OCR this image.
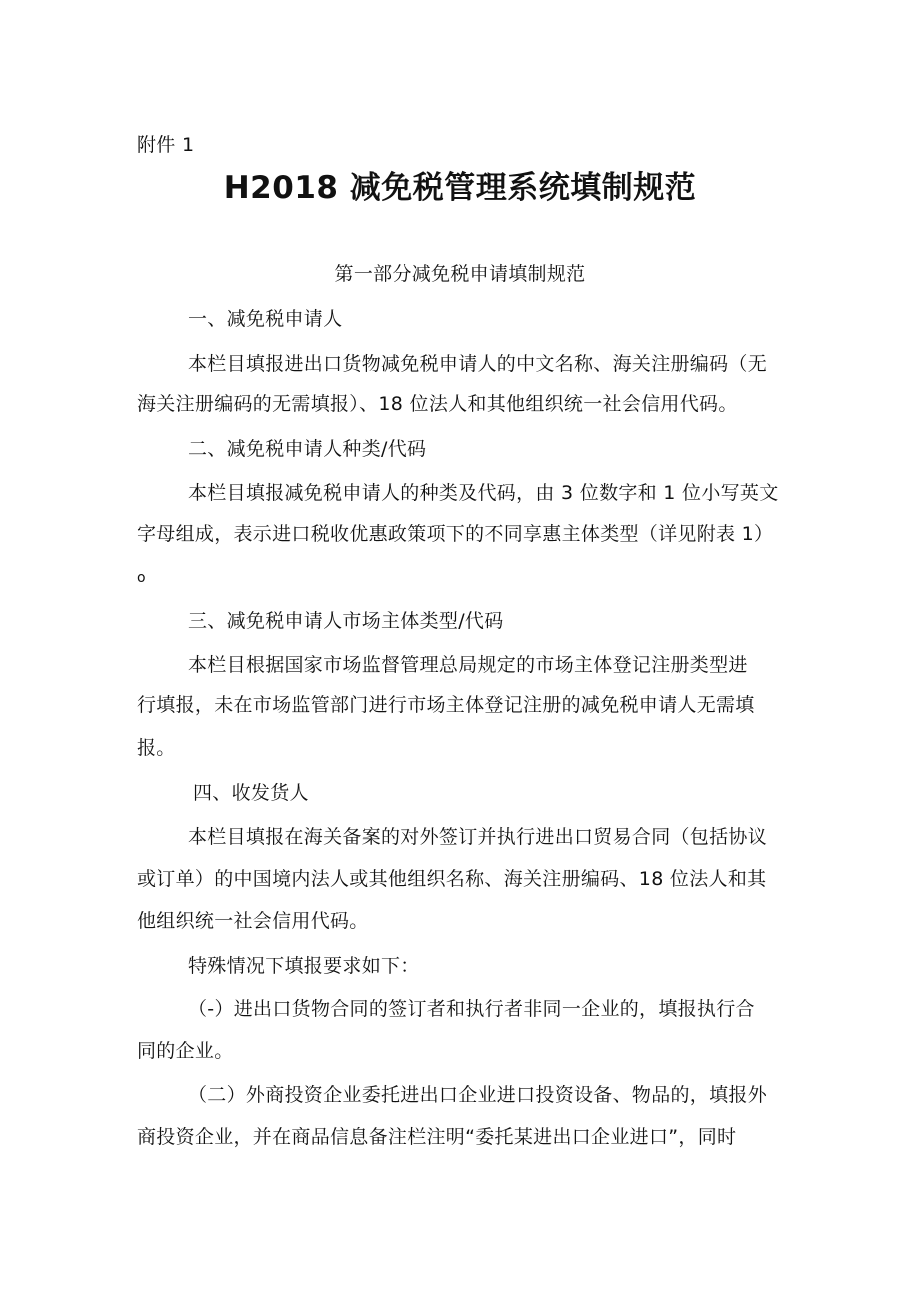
附件 1
H2018 减免税管理系统填制规范
第一部分减免税申请填制规范
一、减免税申请人
本栏目填报进出口货物减免税申请人的中文名称、海关注册编码（无
海关注册编码的无需填报）、18 位法人和其他组织统一社会信用代码。
二、减免税申请人种类/代码
本栏目填报减免税申请人的种类及代码，由 3 位数字和 1 位小写英文
字母组成，表示进口税收优惠政策项下的不同享惠主体类型（详见附表 1）
o
三、减免税申请人市场主体类型/代码
本栏目根据国家市场监督管理总局规定的市场主体登记注册类型进
行填报，未在市场监管部门进行市场主体登记注册的减免税申请人无需填
报。
四、收发货人
本栏目填报在海关备案的对外签订并执行进出口贸易合同（包括协议
或订单）的中国境内法人或其他组织名称、海关注册编码、18 位法人和其
他组织统一社会信用代码。
特殊情况下填报要求如下：
（-）进出口货物合同的签订者和执行者非同一企业的，填报执行合
同的企业。
（二）外商投资企业委托进出口企业进口投资设备、物品的，填报外
商投资企业，并在商品信息备注栏注明“委托某进出口企业进口”，同时
